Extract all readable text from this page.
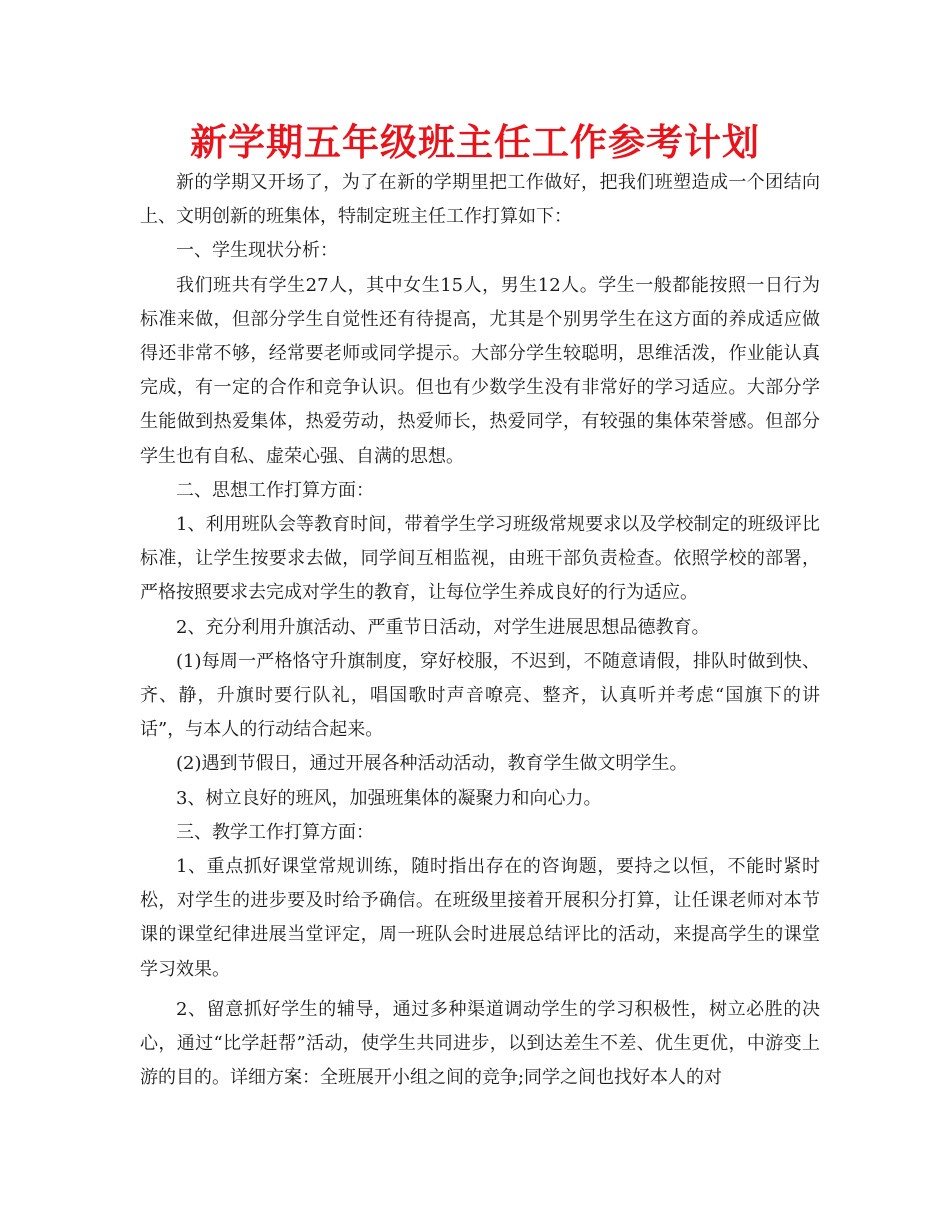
新学期五年级班主任工作参考计划

新的学期又开场了，为了在新的学期里把工作做好，把我们班塑造成一个团结向上、文明创新的班集体，特制定班主任工作打算如下：

一、学生现状分析：

我们班共有学生27人，其中女生15人，男生12人。学生一般都能按照一日行为标准来做，但部分学生自觉性还有待提高，尤其是个别男学生在这方面的养成适应做得还非常不够，经常要老师或同学提示。大部分学生较聪明，思维活泼，作业能认真完成，有一定的合作和竞争认识。但也有少数学生没有非常好的学习适应。大部分学生能做到热爱集体，热爱劳动，热爱师长，热爱同学，有较强的集体荣誉感。但部分学生也有自私、虚荣心强、自满的思想。

二、思想工作打算方面：

1、利用班队会等教育时间，带着学生学习班级常规要求以及学校制定的班级评比标准，让学生按要求去做，同学间互相监视，由班干部负责检查。依照学校的部署，严格按照要求去完成对学生的教育，让每位学生养成良好的行为适应。

2、充分利用升旗活动、严重节日活动，对学生进展思想品德教育。

(1)每周一严格恪守升旗制度，穿好校服，不迟到，不随意请假，排队时做到快、齐、静，升旗时要行队礼，唱国歌时声音嘹亮、整齐，认真听并考虑“国旗下的讲话”，与本人的行动结合起来。

(2)遇到节假日，通过开展各种活动活动，教育学生做文明学生。

3、树立良好的班风，加强班集体的凝聚力和向心力。

三、教学工作打算方面：

1、重点抓好课堂常规训练，随时指出存在的咨询题，要持之以恒，不能时紧时松，对学生的进步要及时给予确信。在班级里接着开展积分打算，让任课老师对本节课的课堂纪律进展当堂评定，周一班队会时进展总结评比的活动，来提高学生的课堂学习效果。

2、留意抓好学生的辅导，通过多种渠道调动学生的学习积极性，树立必胜的决心，通过“比学赶帮”活动，使学生共同进步，以到达差生不差、优生更优，中游变上游的目的。详细方案：全班展开小组之间的竞争;同学之间也找好本人的对
